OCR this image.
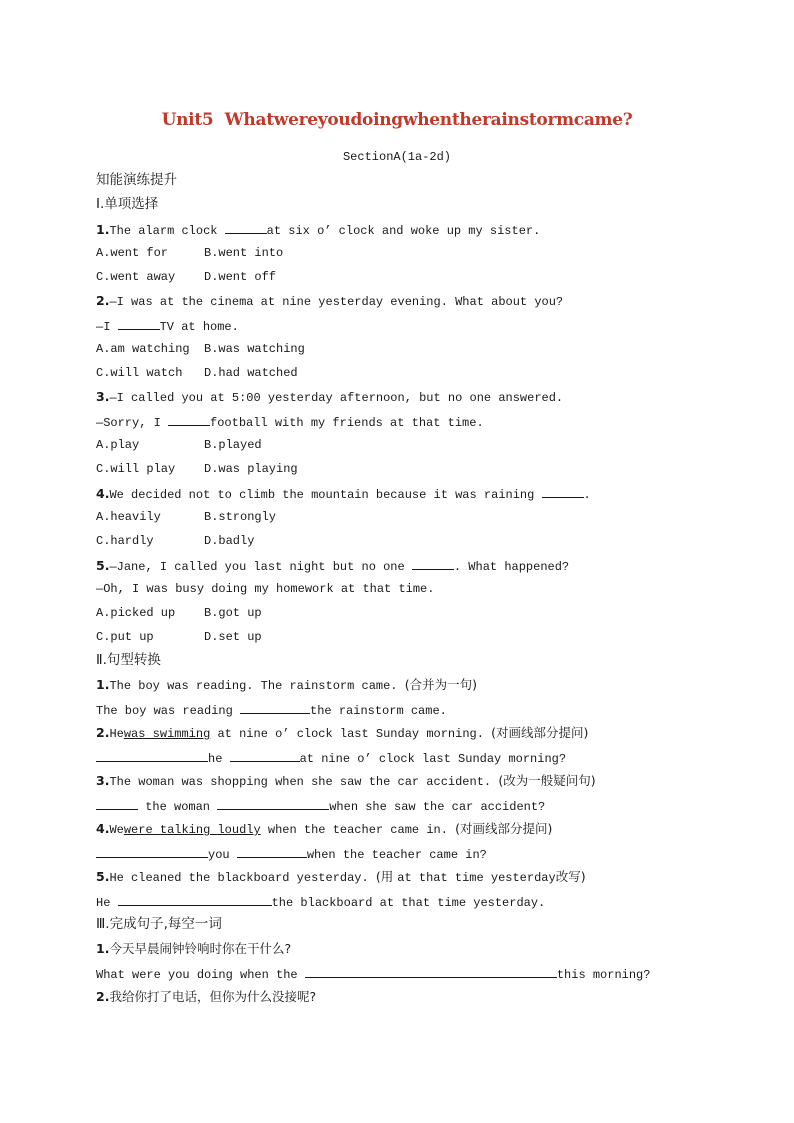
Unit5  Whatwereyoudoingwhentherainstormcame?
SectionA(1a-2d)
知能演练提升
Ⅰ.单项选择
1.The alarm clock	at six o’ clock and woke up my sister.
A.went for	B.went into
C.went away D.went off
2.—I was at the cinema at nine yesterday evening. What about you?
—I	TV at home.
A.am watching B.was watching
C.will watch D.had watched
3.—I called you at 5:00 yesterday afternoon, but no one answered.
—Sorry, I	football with my friends at that time.
A.play	B.played
C.will play D.was playing
4.We decided not to climb the mountain because it was raining	.
A.heavily	B.strongly
C.hardly	D.badly
5.—Jane, I called you last night but no one	. What happened?
—Oh, I was busy doing my homework at that time.
A.picked up B.got up
C.put up	D.set up
Ⅱ.句型转换
1.The boy was reading. The rainstorm came. (合并为一句)
The boy was reading	the rainstorm came.
2.Hewas swimming at nine o’ clock last Sunday morning. (对画线部分提问)
he	at nine o’ clock last Sunday morning?
3.The woman was shopping when she saw the car accident. (改为一般疑问句)
the woman	when she saw the car accident?
4.Wewere talking loudly when the teacher came in. (对画线部分提问)
you	when the teacher came in?
5.He cleaned the blackboard yesterday. (用 at that time yesterday改写)
He	the blackboard at that time yesterday.
Ⅲ.完成句子,每空一词
1.今天早晨闹钟铃响时你在干什么?
What were you doing when the	this morning?
2.我给你打了电话，但你为什么没接呢?
